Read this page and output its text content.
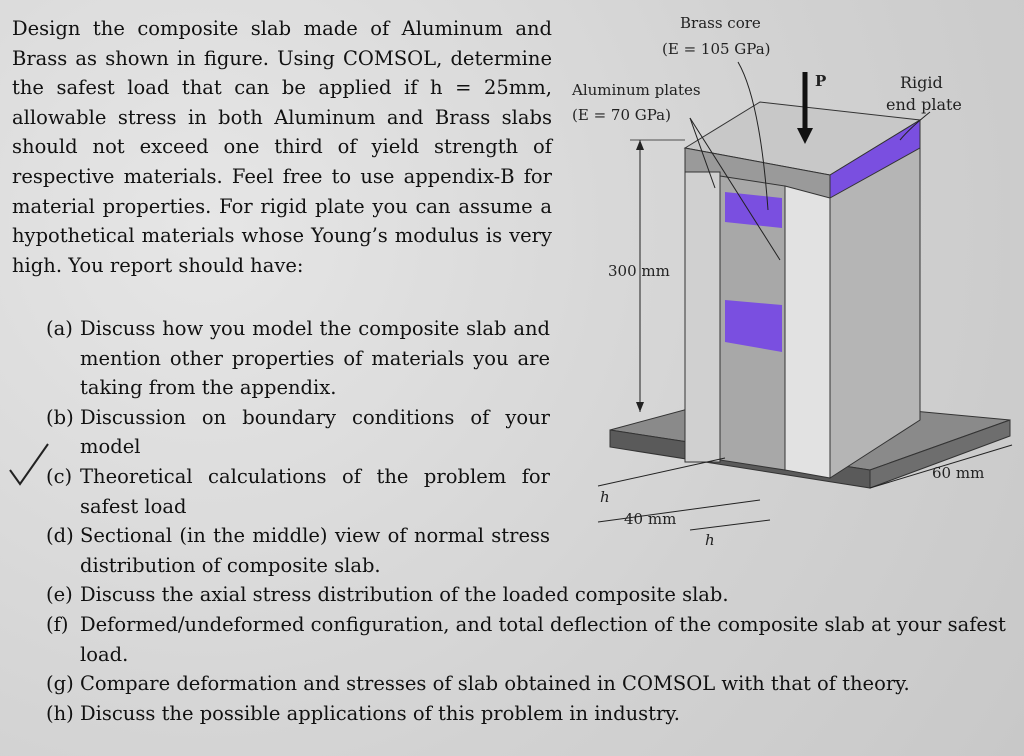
Design the composite slab made of Aluminum and Brass as shown in figure. Using COMSOL, determine the safest load that can be applied if h = 25mm, allowable stress in both Aluminum and Brass slabs should not exceed one third of yield strength of respective materials. Feel free to use appendix-B for material properties. For rigid plate you can assume a hypothetical materials whose Young’s modulus is very high. You report should have:
(a) Discuss how you model the composite slab and mention other properties of materials you are taking from the appendix.
(b) Discussion on boundary conditions of your model
(c) Theoretical calculations of the problem for safest load
(d) Sectional (in the middle) view of normal stress distribution of composite slab.
(e) Discuss the axial stress distribution of the loaded composite slab.
(f) Deformed/undeformed configuration, and total deflection of the composite slab at your safest load.
(g) Compare deformation and stresses of slab obtained in COMSOL with that of theory.
(h) Discuss the possible applications of this problem in industry.
Brass core
(E = 105 GPa)
Aluminum plates
(E = 70 GPa)
P	Rigid
end plate
300 mm
60 mm
40 mm
h
h
